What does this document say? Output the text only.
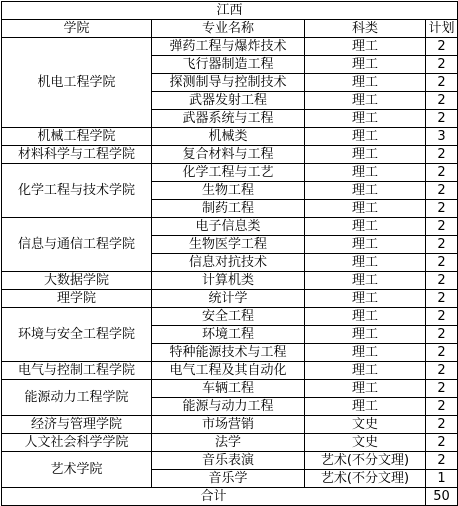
江西			
学院	专业名称	科类	计划
机电工程学院	弹药工程与爆炸技术	理工	2
	飞行器制造工程	理工	2
	探测制导与控制技术	理工	2
	武器发射工程	理工	2
	武器系统与工程	理工	2
机械工程学院	机械类	理工	3
材料科学与工程学院	复合材料与工程	理工	2
化学工程与技术学院	化学工程与工艺	理工	2
	生物工程	理工	2
	制药工程	理工	2
信息与通信工程学院	电子信息类	理工	2
	生物医学工程	理工	2
	信息对抗技术	理工	2
大数据学院	计算机类	理工	2
理学院	统计学	理工	2
环境与安全工程学院	安全工程	理工	2
	环境工程	理工	2
	特种能源技术与工程	理工	2
电气与控制工程学院	电气工程及其自动化	理工	2
能源动力工程学院	车辆工程	理工	2
	能源与动力工程	理工	2
经济与管理学院	市场营销	文史	2
人文社会科学学院	法学	文史	2
艺术学院	音乐表演	艺术(不分文理)	2
	音乐学	艺术(不分文理)	1
合计			50
